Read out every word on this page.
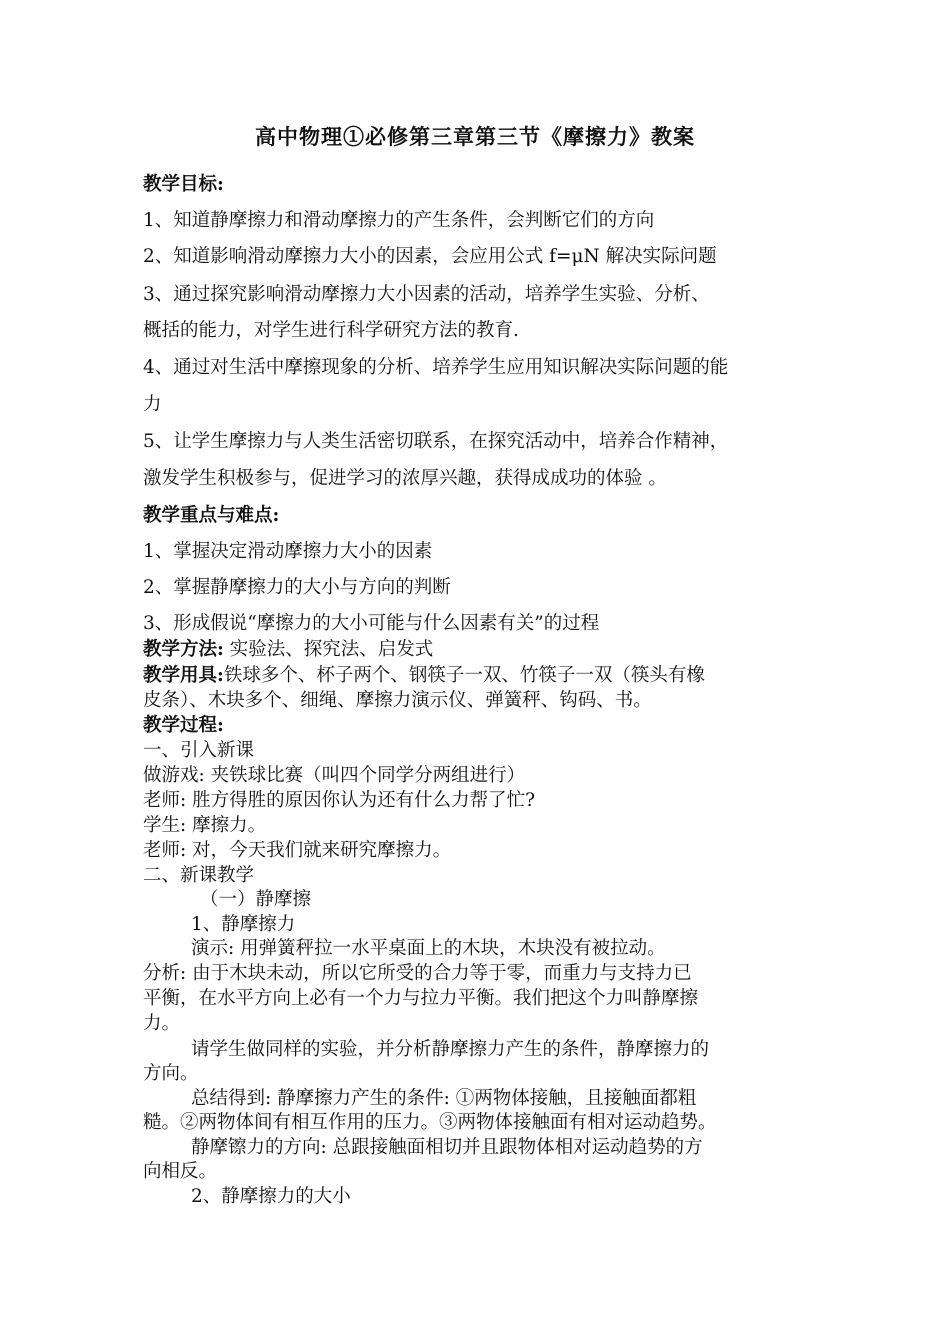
高中物理①必修第三章第三节《摩擦力》教案
教学目标:
1、知道静摩擦力和滑动摩擦力的产生条件，会判断它们的方向
2、知道影响滑动摩擦力大小的因素，会应用公式 f=μN 解决实际问题
3、通过探究影响滑动摩擦力大小因素的活动，培养学生实验、分析、
概括的能力，对学生进行科学研究方法的教育.
4、通过对生活中摩擦现象的分析、培养学生应用知识解决实际问题的能
力
5、让学生摩擦力与人类生活密切联系，在探究活动中，培养合作精神，
激发学生积极参与，促进学习的浓厚兴趣，获得成成功的体验 。
教学重点与难点:
1、掌握决定滑动摩擦力大小的因素
2、掌握静摩擦力的大小与方向的判断
3、形成假说“摩擦力的大小可能与什么因素有关”的过程
教学方法: 实验法、探究法、启发式
教学用具:铁球多个、杯子两个、钢筷子一双、竹筷子一双（筷头有橡
皮条）、木块多个、细绳、摩擦力演示仪、弹簧秤、钩码、书。
教学过程:
一、引入新课
做游戏: 夹铁球比赛（叫四个同学分两组进行）
老师: 胜方得胜的原因你认为还有什么力帮了忙?
学生: 摩擦力。
老师: 对，今天我们就来研究摩擦力。
二、新课教学
（一）静摩擦
1、静摩擦力
演示: 用弹簧秤拉一水平桌面上的木块，木块没有被拉动。
分析: 由于木块未动，所以它所受的合力等于零，而重力与支持力已
平衡，在水平方向上必有一个力与拉力平衡。我们把这个力叫静摩擦
力。
请学生做同样的实验，并分析静摩擦力产生的条件，静摩擦力的
方向。
总结得到: 静摩擦力产生的条件: ①两物体接触，且接触面都粗
糙。②两物体间有相互作用的压力。③两物体接触面有相对运动趋势。
静摩镲力的方向: 总跟接触面相切并且跟物体相对运动趋势的方
向相反。
2、静摩擦力的大小
